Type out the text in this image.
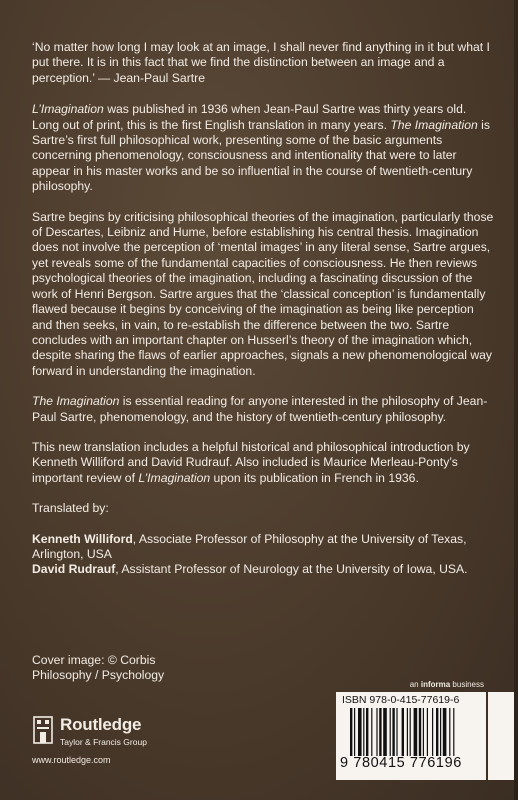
‘No matter how long I may look at an image, I shall never find anything in it but what I put there. It is in this fact that we find the distinction between an image and a perception.’ — Jean-Paul Sartre

L’Imagination was published in 1936 when Jean-Paul Sartre was thirty years old. Long out of print, this is the first English translation in many years. The Imagination is Sartre’s first full philosophical work, presenting some of the basic arguments concerning phenomenology, consciousness and intentionality that were to later appear in his master works and be so influential in the course of twentieth-century philosophy.

Sartre begins by criticising philosophical theories of the imagination, particularly those of Descartes, Leibniz and Hume, before establishing his central thesis. Imagination does not involve the perception of ‘mental images’ in any literal sense, Sartre argues, yet reveals some of the fundamental capacities of consciousness. He then reviews psychological theories of the imagination, including a fascinating discussion of the work of Henri Bergson. Sartre argues that the ‘classical conception’ is fundamentally flawed because it begins by conceiving of the imagination as being like perception and then seeks, in vain, to re-establish the difference between the two. Sartre concludes with an important chapter on Husserl’s theory of the imagination which, despite sharing the flaws of earlier approaches, signals a new phenomenological way forward in understanding the imagination.

The Imagination is essential reading for anyone interested in the philosophy of Jean-Paul Sartre, phenomenology, and the history of twentieth-century philosophy.

This new translation includes a helpful historical and philosophical introduction by Kenneth Williford and David Rudrauf. Also included is Maurice Merleau-Ponty’s important review of L’Imagination upon its publication in French in 1936.

Translated by:

Kenneth Williford, Associate Professor of Philosophy at the University of Texas, Arlington, USA

David Rudrauf, Assistant Professor of Neurology at the University of Iowa, USA.

Cover image: © Corbis
Philosophy / Psychology
Routledge
Taylor & Francis Group
www.routledge.com
an informa business
ISBN 978-0-415-77619-6
9 780415 776196
